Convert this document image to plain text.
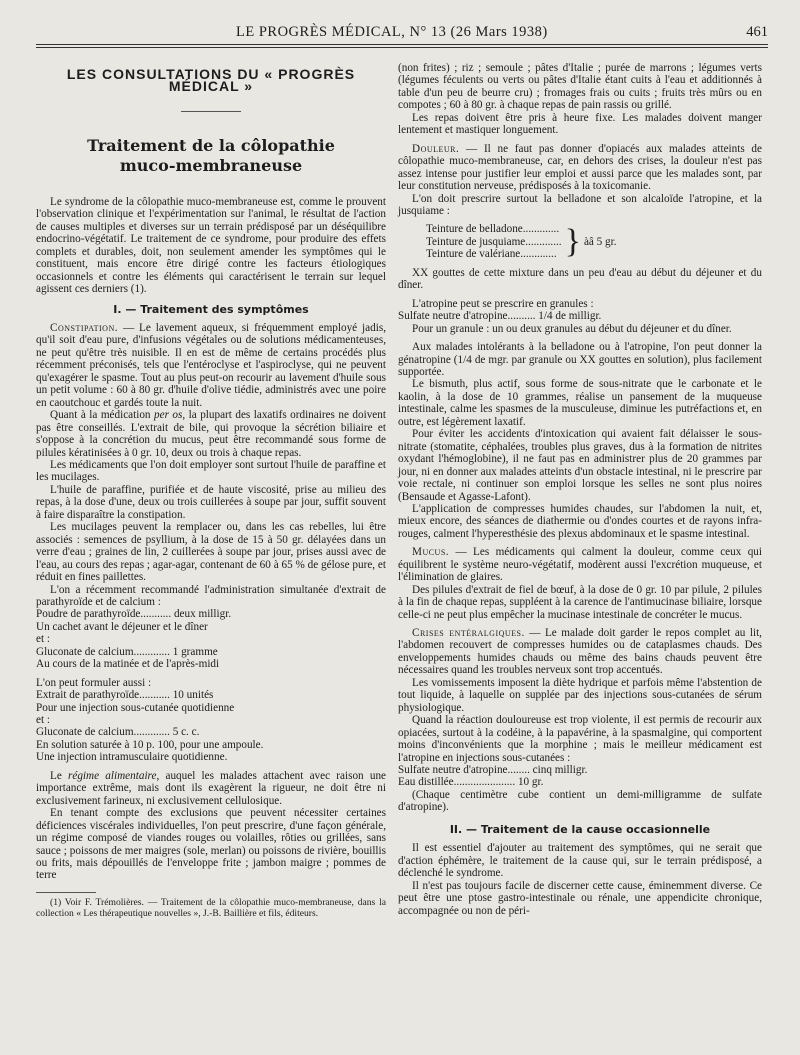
LE PROGRÈS MÉDICAL, N° 13 (26 Mars 1938)	461
LES CONSULTATIONS DU « PROGRÈS MÉDICAL »
Traitement de la côlopathie
muco-membraneuse

Le syndrome de la côlopathie muco-membraneuse est, comme le prouvent l'observation clinique et l'expérimentation sur l'animal, le résultat de l'action de causes multiples et diverses sur un terrain prédisposé par un déséquilibre endocrino-végétatif. Le traitement de ce syndrome, pour produire des effets complets et durables, doit, non seulement amender les symptômes qui le constituent, mais encore être dirigé contre les facteurs étiologiques occasionnels et contre les éléments qui caractérisent le terrain sur lequel agissent ces derniers (1).

I. — Traitement des symptômes

Constipation. — Le lavement aqueux, si fréquemment employé jadis, qu'il soit d'eau pure, d'infusions végétales ou de solutions médicamenteuses, ne peut qu'être très nuisible. Il en est de même de certains procédés plus récemment préconisés, tels que l'entéroclyse et l'aspiroclyse, qui ne peuvent qu'exagérer le spasme. Tout au plus peut-on recourir au lavement d'huile sous un petit volume : 60 à 80 gr. d'huile d'olive tiédie, administrés avec une poire en caoutchouc et gardés toute la nuit.

Quant à la médication per os, la plupart des laxatifs ordinaires ne doivent pas être conseillés. L'extrait de bile, qui provoque la sécrétion biliaire et s'oppose à la concrétion du mucus, peut être recommandé sous forme de pilules kératinisées à 0 gr. 10, deux ou trois à chaque repas.

Les médicaments que l'on doit employer sont surtout l'huile de paraffine et les mucilages.

L'huile de paraffine, purifiée et de haute viscosité, prise au milieu des repas, à la dose d'une, deux ou trois cuillerées à soupe par jour, suffit souvent à faire disparaître la constipation.

Les mucilages peuvent la remplacer ou, dans les cas rebelles, lui être associés : semences de psyllium, à la dose de 15 à 50 gr. délayées dans un verre d'eau ; graines de lin, 2 cuillerées à soupe par jour, prises aussi avec de l'eau, au cours des repas ; agar-agar, contenant de 60 à 65 % de gélose pure, et réduit en fines paillettes.

L'on a récemment recommandé l'administration simultanée d'extrait de parathyroïde et de calcium :

Poudre de parathyroïde........... deux milligr.

Un cachet avant le déjeuner et le dîner

et :

Gluconate de calcium............. 1 gramme

Au cours de la matinée et de l'après-midi

L'on peut formuler aussi :

Extrait de parathyroïde........... 10 unités

Pour une injection sous-cutanée quotidienne

et :

Gluconate de calcium............. 5 c. c.

En solution saturée à 10 p. 100, pour une ampoule.

Une injection intramusculaire quotidienne.

Le régime alimentaire, auquel les malades attachent avec raison une importance extrême, mais dont ils exagèrent la rigueur, ne doit être ni exclusivement farineux, ni exclusivement cellulosique.

En tenant compte des exclusions que peuvent nécessiter certaines déficiences viscérales individuelles, l'on peut prescrire, d'une façon générale, un régime composé de viandes rouges ou volailles, rôties ou grillées, sans sauce ; poissons de mer maigres (sole, merlan) ou poissons de rivière, bouillis ou frits, mais dépouillés de l'enveloppe frite ; jambon maigre ; pommes de terre

(1) Voir F. Trémolières. — Traitement de la côlopathie muco-membraneuse, dans la collection « Les thérapeutique nouvelles », J.-B. Baillière et fils, éditeurs.

(non frites) ; riz ; semoule ; pâtes d'Italie ; purée de marrons ; légumes verts (légumes féculents ou verts ou pâtes d'Italie étant cuits à l'eau et additionnés à table d'un peu de beurre cru) ; fromages frais ou cuits ; fruits très mûrs ou en compotes ; 60 à 80 gr. à chaque repas de pain rassis ou grillé.

Les repas doivent être pris à heure fixe. Les malades doivent manger lentement et mastiquer longuement.

Douleur. — Il ne faut pas donner d'opiacés aux malades atteints de côlopathie muco-membraneuse, car, en dehors des crises, la douleur n'est pas assez intense pour justifier leur emploi et aussi parce que les malades sont, par leur constitution nerveuse, prédisposés à la toxicomanie.

L'on doit prescrire surtout la belladone et son alcaloïde l'atropine, et la jusquiame :

Teinture de belladone.............
Teinture de jusquiame.............
Teinture de valériane............. } àâ 5 gr.

XX gouttes de cette mixture dans un peu d'eau au début du déjeuner et du dîner.

L'atropine peut se prescrire en granules :

Sulfate neutre d'atropine.......... 1/4 de milligr.

Pour un granule : un ou deux granules au début du déjeuner et du dîner.

Aux malades intolérants à la belladone ou à l'atropine, l'on peut donner la génatropine (1/4 de mgr. par granule ou XX gouttes en solution), plus facilement supportée.

Le bismuth, plus actif, sous forme de sous-nitrate que le carbonate et le kaolin, à la dose de 10 grammes, réalise un pansement de la muqueuse intestinale, calme les spasmes de la musculeuse, diminue les putréfactions et, en outre, est légèrement laxatif.

Pour éviter les accidents d'intoxication qui avaient fait délaisser le sous-nitrate (stomatite, céphalées, troubles plus graves, dus à la formation de nitrites oxydant l'hémoglobine), il ne faut pas en administrer plus de 20 grammes par jour, ni en donner aux malades atteints d'un obstacle intestinal, ni le prescrire par voie rectale, ni continuer son emploi lorsque les selles ne sont plus noires (Bensaude et Agasse-Lafont).

L'application de compresses humides chaudes, sur l'abdomen la nuit, et, mieux encore, des séances de diathermie ou d'ondes courtes et de rayons infra-rouges, calment l'hyperesthésie des plexus abdominaux et le spasme intestinal.

Mucus. — Les médicaments qui calment la douleur, comme ceux qui équilibrent le système neuro-végétatif, modèrent aussi l'excrétion muqueuse, et l'élimination de glaires.

Des pilules d'extrait de fiel de bœuf, à la dose de 0 gr. 10 par pilule, 2 pilules à la fin de chaque repas, suppléent à la carence de l'antimucinase biliaire, lorsque celle-ci ne peut plus empêcher la mucinase intestinale de concréter le mucus.

Crises entéralgiques. — Le malade doit garder le repos complet au lit, l'abdomen recouvert de compresses humides ou de cataplasmes chauds. Des enveloppements humides chauds ou même des bains chauds peuvent être nécessaires quand les troubles nerveux sont trop accentués.

Les vomissements imposent la diète hydrique et parfois même l'abstention de tout liquide, à laquelle on supplée par des injections sous-cutanées de sérum physiologique.

Quand la réaction douloureuse est trop violente, il est permis de recourir aux opiacées, surtout à la codéine, à la papavérine, à la spasmalgine, qui comportent moins d'inconvénients que la morphine ; mais le meilleur médicament est l'atropine en injections sous-cutanées :

Sulfate neutre d'atropine........ cinq milligr.

Eau distillée...................... 10 gr.

(Chaque centimètre cube contient un demi-milligramme de sulfate d'atropine).

II. — Traitement de la cause occasionnelle

Il est essentiel d'ajouter au traitement des symptômes, qui ne serait que d'action éphémère, le traitement de la cause qui, sur le terrain prédisposé, a déclenché le syndrome.

Il n'est pas toujours facile de discerner cette cause, éminemment diverse. Ce peut être une ptose gastro-intestinale ou rénale, une appendicite chronique, accompagnée ou non de péri-
